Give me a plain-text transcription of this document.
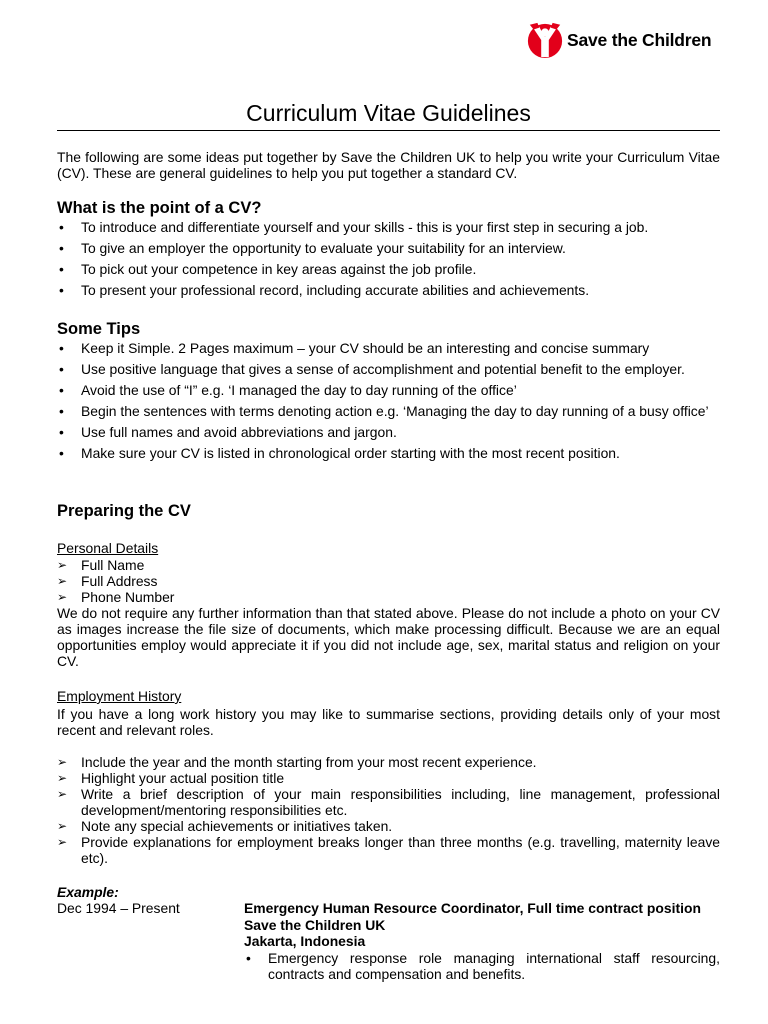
Save the Children
Curriculum Vitae Guidelines
The following are some ideas put together by Save the Children UK to help you write your Curriculum Vitae (CV). These are general guidelines to help you put together a standard CV.
What is the point of a CV?
• To introduce and differentiate yourself and your skills - this is your first step in securing a job.
• To give an employer the opportunity to evaluate your suitability for an interview.
• To pick out your competence in key areas against the job profile.
• To present your professional record, including accurate abilities and achievements.
Some Tips
• Keep it Simple. 2 Pages maximum – your CV should be an interesting and concise summary
• Use positive language that gives a sense of accomplishment and potential benefit to the employer.
• Avoid the use of “I” e.g. ‘I managed the day to day running of the office’
• Begin the sentences with terms denoting action e.g. ‘Managing the day to day running of a busy office’
• Use full names and avoid abbreviations and jargon.
• Make sure your CV is listed in chronological order starting with the most recent position.
Preparing the CV
Personal Details
➢ Full Name
➢ Full Address
➢ Phone Number
We do not require any further information than that stated above. Please do not include a photo on your CV as images increase the file size of documents, which make processing difficult. Because we are an equal opportunities employ would appreciate it if you did not include age, sex, marital status and religion on your CV.
Employment History
If you have a long work history you may like to summarise sections, providing details only of your most recent and relevant roles.
➢ Include the year and the month starting from your most recent experience.
➢ Highlight your actual position title
➢ Write a brief description of your main responsibilities including, line management, professional development/mentoring responsibilities etc.
➢ Note any special achievements or initiatives taken.
➢ Provide explanations for employment breaks longer than three months (e.g. travelling, maternity leave etc).
Example:
Dec 1994 – Present	Emergency Human Resource Coordinator, Full time contract position
Save the Children UK
Jakarta, Indonesia
• Emergency response role managing international staff resourcing, contracts and compensation and benefits.
